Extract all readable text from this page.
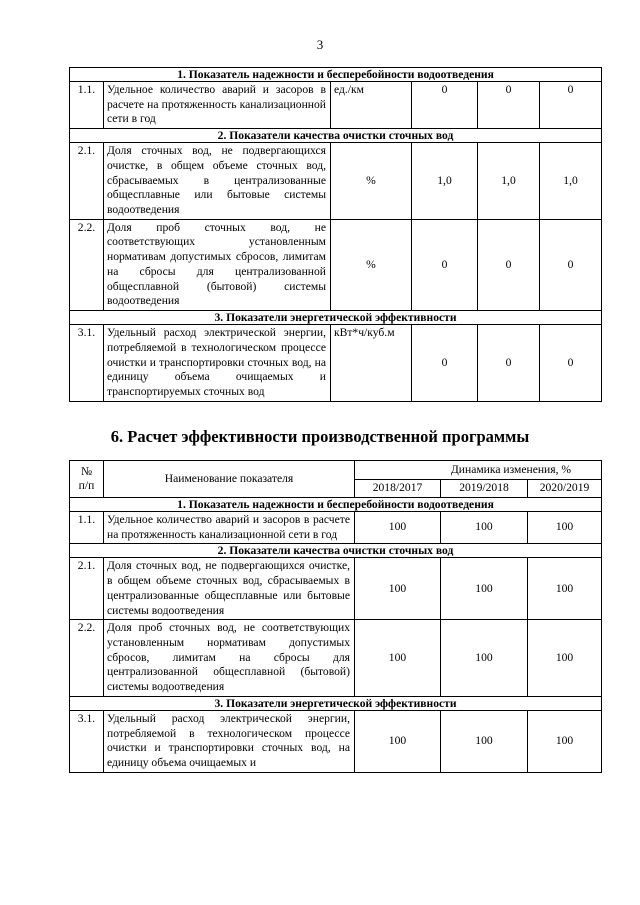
3
1. Показатель надежности и бесперебойности водоотведения					
1.1.	Удельное количество аварий и засоров в расчете на протяженность канализационной сети в год	ед./км	0	0	0
2. Показатели качества очистки сточных вод					
2.1.	Доля сточных вод, не подвергающихся очистке, в общем объеме сточных вод, сбрасываемых в централизованные общесплавные или бытовые системы водоотведения	%	1,0	1,0	1,0
2.2.	Доля проб сточных вод, не соответствующих установленным нормативам допустимых сбросов, лимитам на сбросы для централизованной общесплавной (бытовой) системы водоотведения	%	0	0	0
3. Показатели энергетической эффективности					
3.1.	Удельный расход электрической энергии, потребляемой в технологическом процессе очистки и транспортировки сточных вод, на единицу объема очищаемых и транспортируемых сточных вод	кВт*ч/куб.м	0	0	0
6. Расчет эффективности производственной программы
№
п/п	Наименование показателя	Динамика изменения, %		
		2018/2017	2019/2018	2020/2019
1. Показатель надежности и бесперебойности водоотведения				
1.1.	Удельное количество аварий и засоров в расчете на протяженность канализационной сети в год	100	100	100
2. Показатели качества очистки сточных вод				
2.1.	Доля сточных вод, не подвергающихся очистке, в общем объеме сточных вод, сбрасываемых в централизованные общесплавные или бытовые системы водоотведения	100	100	100
2.2.	Доля проб сточных вод, не соответствующих установленным нормативам допустимых сбросов, лимитам на сбросы для централизованной общесплавной (бытовой) системы водоотведения	100	100	100
3. Показатели энергетической эффективности				
3.1.	Удельный расход электрической энергии, потребляемой в технологическом процессе очистки и транспортировки сточных вод, на единицу объема очищаемых и	100	100	100
